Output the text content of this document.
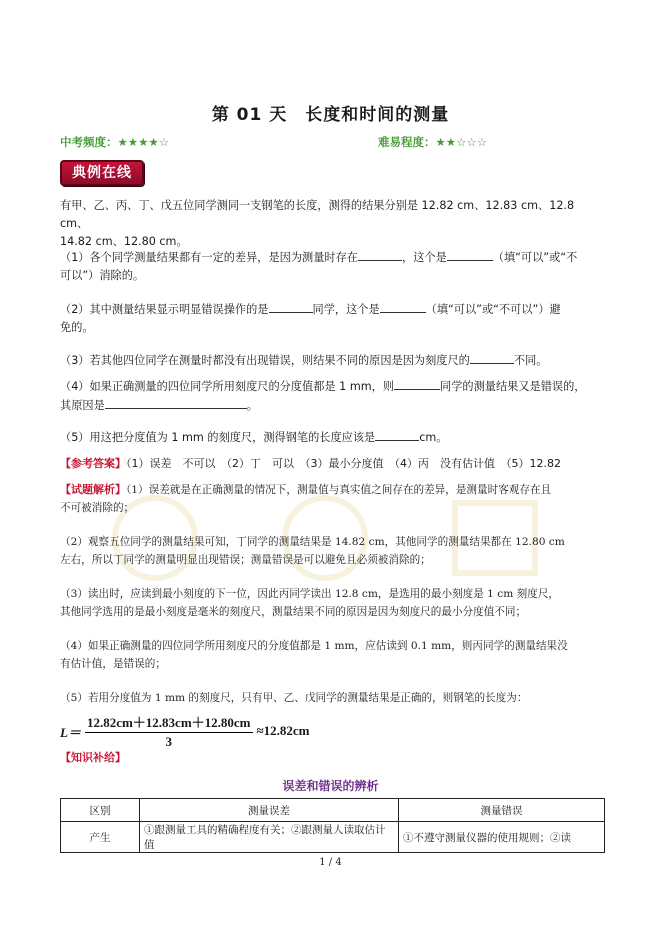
第 01 天　长度和时间的测量
中考频度：★★★★☆	难易程度：★★☆☆☆
典例在线
有甲、乙、丙、丁、戊五位同学测同一支钢笔的长度，测得的结果分别是 12.82 cm、12.83 cm、12.8 cm、
14.82 cm、12.80 cm。
（1）各个同学测量结果都有一定的差异，是因为测量时存在	，这个是	（填“可以”或“不
可以”）消除的。
（2）其中测量结果显示明显错误操作的是	同学，这个是	（填“可以”或“不可以”）避
免的。
（3）若其他四位同学在测量时都没有出现错误，则结果不同的原因是因为刻度尺的	不同。
（4）如果正确测量的四位同学所用刻度尺的分度值都是 1 mm，则	同学的测量结果又是错误的，
其原因是	。
（5）用这把分度值为 1 mm 的刻度尺，测得钢笔的长度应该是	cm。
【参考答案】（1）误差　不可以　（2）丁　可以　（3）最小分度值　（4）丙　没有估计值　（5）12.82
【试题解析】（1）误差就是在正确测量的情况下，测量值与真实值之间存在的差异，是测量时客观存在且
不可被消除的；
（2）观察五位同学的测量结果可知，丁同学的测量结果是 14.82 cm，其他同学的测量结果都在 12.80 cm
左右，所以丁同学的测量明显出现错误；测量错误是可以避免且必须被消除的；
（3）读出时，应读到最小刻度的下一位，因此丙同学读出 12.8 cm，是选用的最小刻度是 1 cm 刻度尺，
其他同学选用的是最小刻度是毫米的刻度尺，测量结果不同的原因是因为刻度尺的最小分度值不同；
（4）如果正确测量的四位同学所用刻度尺的分度值都是 1 mm，应估读到 0.1 mm，则丙同学的测量结果没
有估计值，是错误的；
（5）若用分度值为 1 mm 的刻度尺，只有甲、乙、戊同学的测量结果是正确的，则钢笔的长度为：
$L= \frac{12.82cm+12.83cm+12.80cm}{3} \approx 12.82cm$
【知识补给】
误差和错误的辨析
区别	测量误差	测量错误
产生	①跟测量工具的精确程度有关；②跟测量人读取估计值	①不遵守测量仪器的使用规则；②读
1 / 4
